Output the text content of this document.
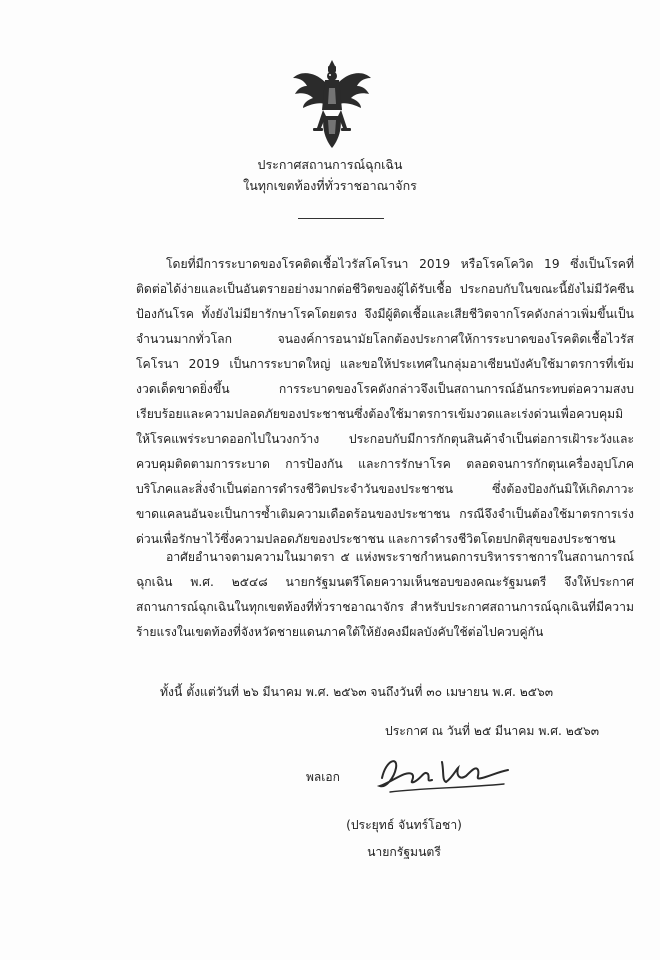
ประกาศสถานการณ์ฉุกเฉิน
ในทุกเขตท้องที่ทั่วราชอาณาจักร
โดยที่มีการระบาดของโรคติดเชื้อไวรัสโคโรนา 2019 หรือโรคโควิด 19 ซึ่งเป็นโรคที่ติดต่อได้ง่ายและเป็นอันตรายอย่างมากต่อชีวิตของผู้ได้รับเชื้อ ประกอบกับในขณะนี้ยังไม่มีวัคซีนป้องกันโรค ทั้งยังไม่มียารักษาโรคโดยตรง จึงมีผู้ติดเชื้อและเสียชีวิตจากโรคดังกล่าวเพิ่มขึ้นเป็นจำนวนมากทั่วโลก จนองค์การอนามัยโลกต้องประกาศให้การระบาดของโรคติดเชื้อไวรัสโคโรนา 2019 เป็นการระบาดใหญ่ และขอให้ประเทศในกลุ่มอาเซียนบังคับใช้มาตรการที่เข้มงวดเด็ดขาดยิ่งขึ้น การระบาดของโรคดังกล่าวจึงเป็นสถานการณ์อันกระทบต่อความสงบเรียบร้อยและความปลอดภัยของประชาชนซึ่งต้องใช้มาตรการเข้มงวดและเร่งด่วนเพื่อควบคุมมิให้โรคแพร่ระบาดออกไปในวงกว้าง ประกอบกับมีการกักตุนสินค้าจำเป็นต่อการเฝ้าระวังและควบคุมติดตามการระบาด การป้องกัน และการรักษาโรค ตลอดจนการกักตุนเครื่องอุปโภคบริโภคและสิ่งจำเป็นต่อการดำรงชีวิตประจำวันของประชาชน ซึ่งต้องป้องกันมิให้เกิดภาวะขาดแคลนอันจะเป็นการซ้ำเติมความเดือดร้อนของประชาชน กรณีจึงจำเป็นต้องใช้มาตรการเร่งด่วนเพื่อรักษาไว้ซึ่งความปลอดภัยของประชาชน และการดำรงชีวิตโดยปกติสุขของประชาชน
อาศัยอำนาจตามความในมาตรา ๕ แห่งพระราชกำหนดการบริหารราชการในสถานการณ์ฉุกเฉิน พ.ศ. ๒๕๔๘ นายกรัฐมนตรีโดยความเห็นชอบของคณะรัฐมนตรี จึงให้ประกาศสถานการณ์ฉุกเฉินในทุกเขตท้องที่ทั่วราชอาณาจักร สำหรับประกาศสถานการณ์ฉุกเฉินที่มีความร้ายแรงในเขตท้องที่จังหวัดชายแดนภาคใต้ให้ยังคงมีผลบังคับใช้ต่อไปควบคู่กัน
ทั้งนี้ ตั้งแต่วันที่ ๒๖ มีนาคม พ.ศ. ๒๕๖๓ จนถึงวันที่ ๓๐ เมษายน พ.ศ. ๒๕๖๓
ประกาศ ณ วันที่ ๒๕ มีนาคม พ.ศ. ๒๕๖๓
พลเอก
(ประยุทธ์ จันทร์โอชา)
นายกรัฐมนตรี
